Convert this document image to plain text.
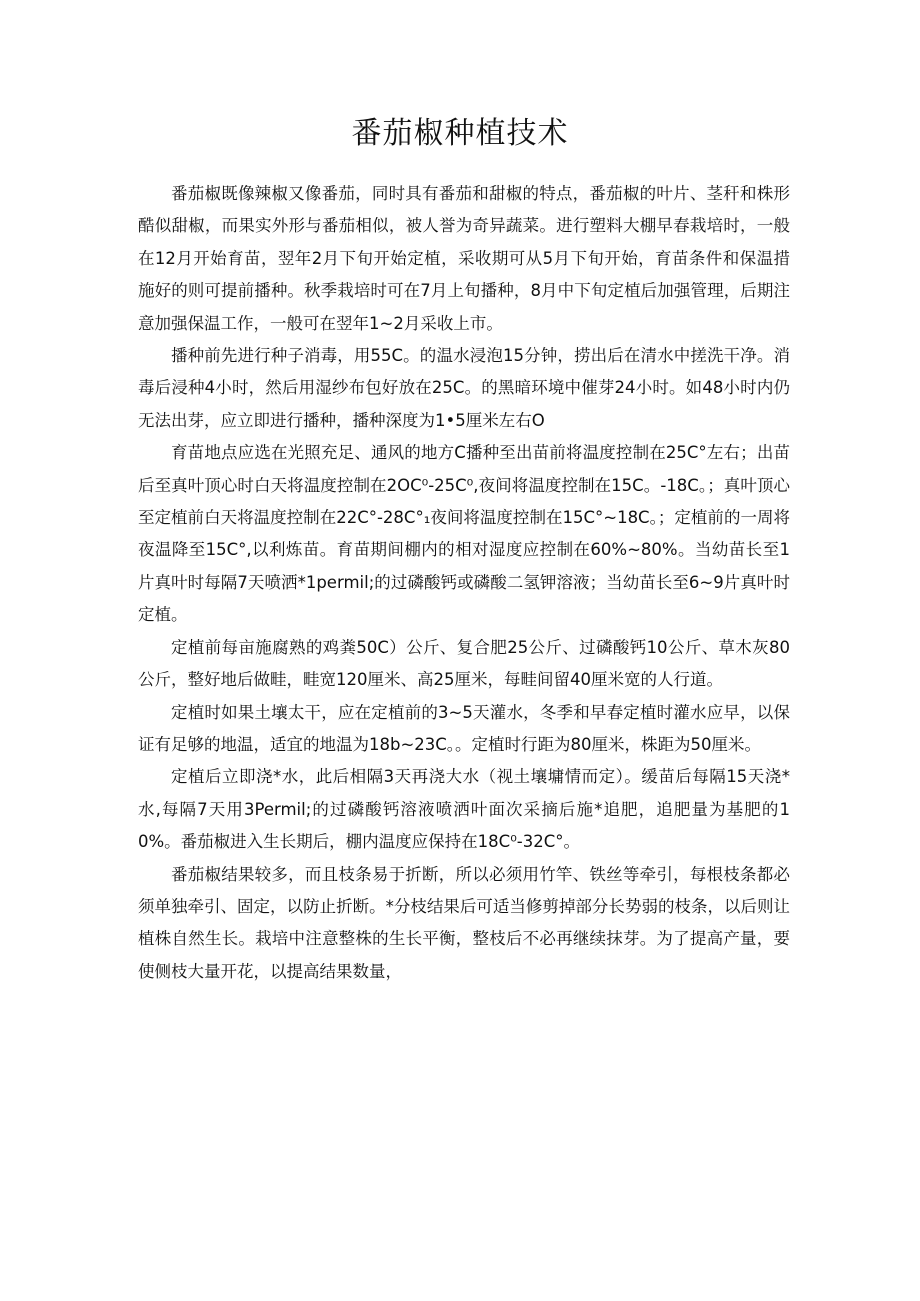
番茄椒种植技术

番茄椒既像辣椒又像番茄，同时具有番茄和甜椒的特点，番茄椒的叶片、茎秆和株形酷似甜椒，而果实外形与番茄相似，被人誉为奇异蔬菜。进行塑料大棚早春栽培时，一般在12月开始育苗，翌年2月下旬开始定植，采收期可从5月下旬开始，育苗条件和保温措施好的则可提前播种。秋季栽培时可在7月上旬播种，8月中下旬定植后加强管理，后期注意加强保温工作，一般可在翌年1~2月采收上市。

播种前先进行种子消毒，用55C。的温水浸泡15分钟，捞出后在清水中搓洗干净。消毒后浸种4小时，然后用湿纱布包好放在25C。的黑暗环境中催芽24小时。如48小时内仍无法出芽，应立即进行播种，播种深度为1•5厘米左右O

育苗地点应选在光照充足、通风的地方C播种至出苗前将温度控制在25C°左右；出苗后至真叶顶心时白天将温度控制在2OC⁰-25C⁰,夜间将温度控制在15C。-18C。；真叶顶心至定植前白天将温度控制在22C°-28C°₁夜间将温度控制在15C°~18C。；定植前的一周将夜温降至15C°,以利炼苗。育苗期间棚内的相对湿度应控制在60%~80%。当幼苗长至1片真叶时每隔7天喷洒*1permil;的过磷酸钙或磷酸二氢钾溶液；当幼苗长至6~9片真叶时定植。

定植前每亩施腐熟的鸡粪50C）公斤、复合肥25公斤、过磷酸钙10公斤、草木灰80公斤，整好地后做畦，畦宽120厘米、高25厘米，每畦间留40厘米宽的人行道。

定植时如果土壤太干，应在定植前的3~5天灌水，冬季和早春定植时灌水应早，以保证有足够的地温，适宜的地温为18b~23C。。定植时行距为80厘米，株距为50厘米。

定植后立即浇*水，此后相隔3天再浇大水（视土壤墉情而定）。缓苗后每隔15天浇*水,每隔7天用3Permil;的过磷酸钙溶液喷洒叶面次采摘后施*追肥，追肥量为基肥的10%。番茄椒进入生长期后，棚内温度应保持在18C⁰-32C°。

番茄椒结果较多，而且枝条易于折断，所以必须用竹竿、铁丝等牵引，每根枝条都必须单独牵引、固定，以防止折断。*分枝结果后可适当修剪掉部分长势弱的枝条，以后则让植株自然生长。栽培中注意整株的生长平衡，整枝后不必再继续抹芽。为了提高产量，要使侧枝大量开花，以提高结果数量，
